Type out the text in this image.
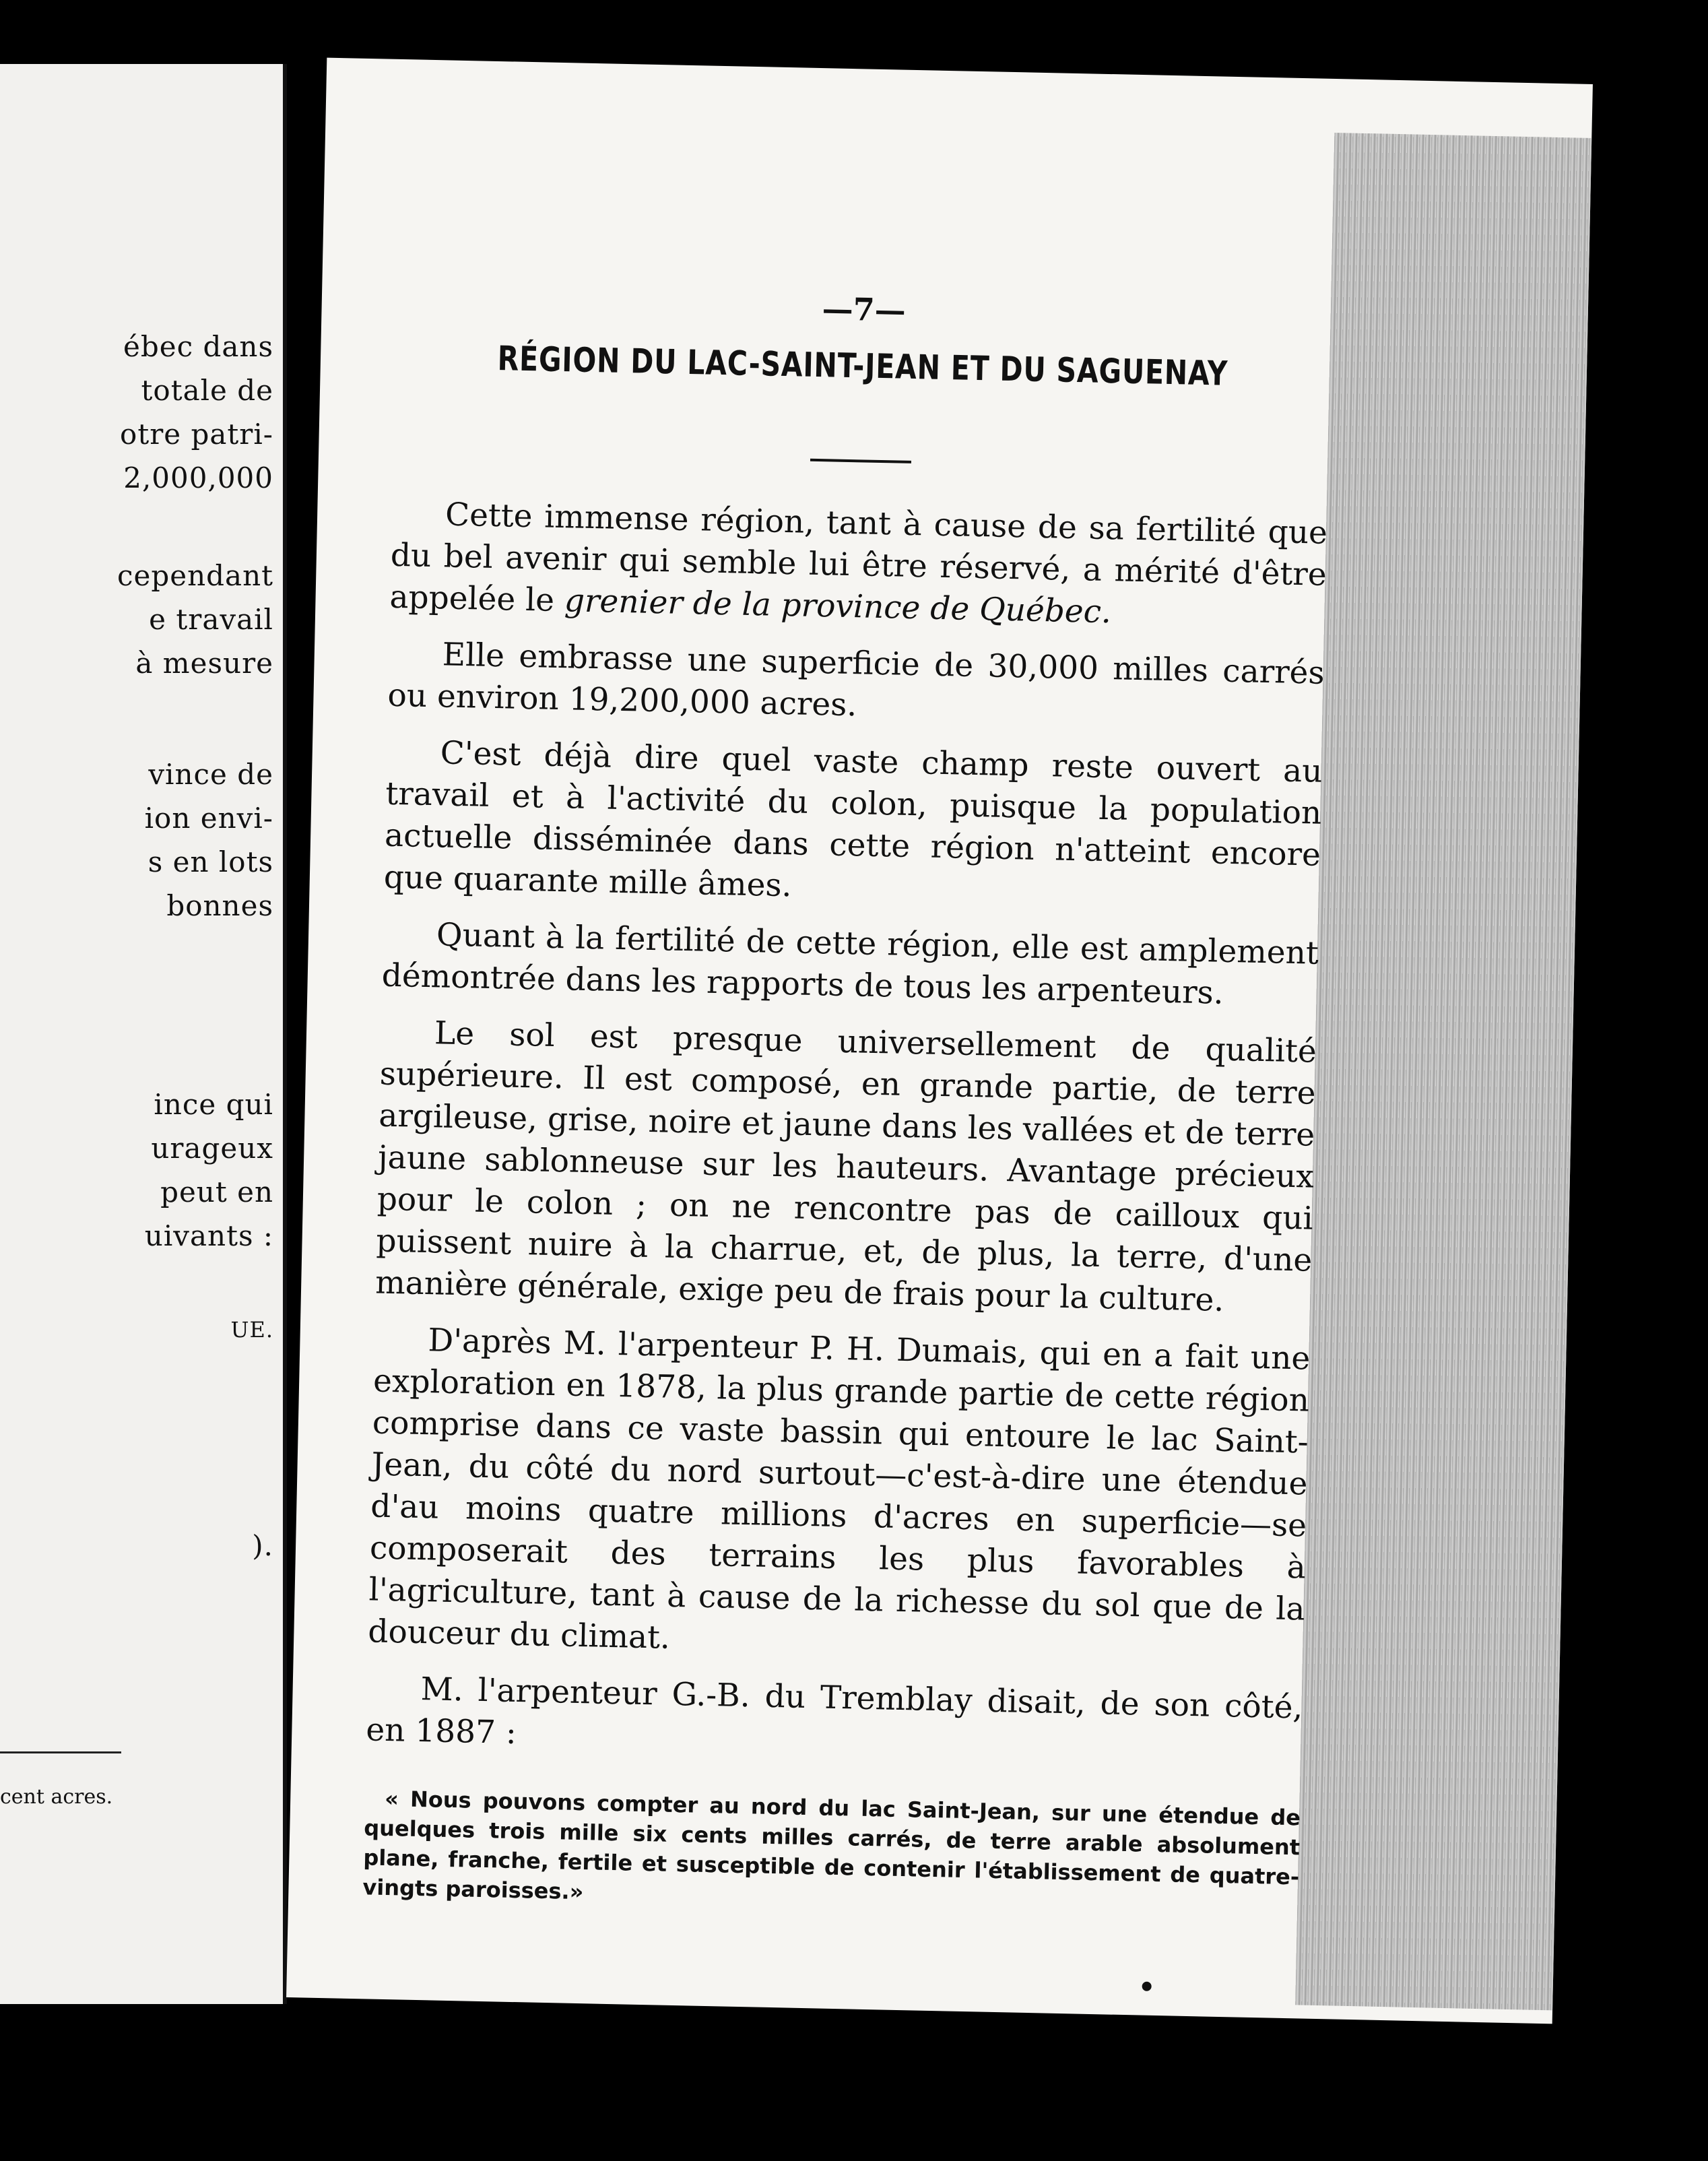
ébec dans
totale de
otre patri-
2,000,000
cependant
e travail
à mesure
vince de
ion envi-
s en lots
bonnes
ince qui
urageux
peut en
uivants :
UE.
).
cent acres.
—7—
RÉGION DU LAC-SAINT-JEAN ET DU SAGUENAY

Cette immense région, tant à cause de sa fertilité que du bel avenir qui semble lui être réservé, a mérité d'être appelée le grenier de la province de Québec.

Elle embrasse une superficie de 30,000 milles carrés ou environ 19,200,000 acres.

C'est déjà dire quel vaste champ reste ouvert au travail et à l'activité du colon, puisque la population actuelle disséminée dans cette région n'atteint encore que quarante mille âmes.

Quant à la fertilité de cette région, elle est amplement démontrée dans les rapports de tous les arpenteurs.

Le sol est presque universellement de qualité supérieure. Il est composé, en grande partie, de terre argileuse, grise, noire et jaune dans les vallées et de terre jaune sablonneuse sur les hauteurs. Avantage précieux pour le colon ; on ne rencontre pas de cailloux qui puissent nuire à la charrue, et, de plus, la terre, d'une manière générale, exige peu de frais pour la culture.

D'après M. l'arpenteur P. H. Dumais, qui en a fait une exploration en 1878, la plus grande partie de cette région comprise dans ce vaste bassin qui entoure le lac Saint-Jean, du côté du nord surtout—c'est-à-dire une étendue d'au moins quatre millions d'acres en superficie—se composerait des terrains les plus favorables à l'agriculture, tant à cause de la richesse du sol que de la douceur du climat.

M. l'arpenteur G.-B. du Tremblay disait, de son côté, en 1887 :

« Nous pouvons compter au nord du lac Saint-Jean, sur une étendue de quelques trois mille six cents milles carrés, de terre arable absolument plane, franche, fertile et susceptible de contenir l'établissement de quatre-vingts paroisses.»
